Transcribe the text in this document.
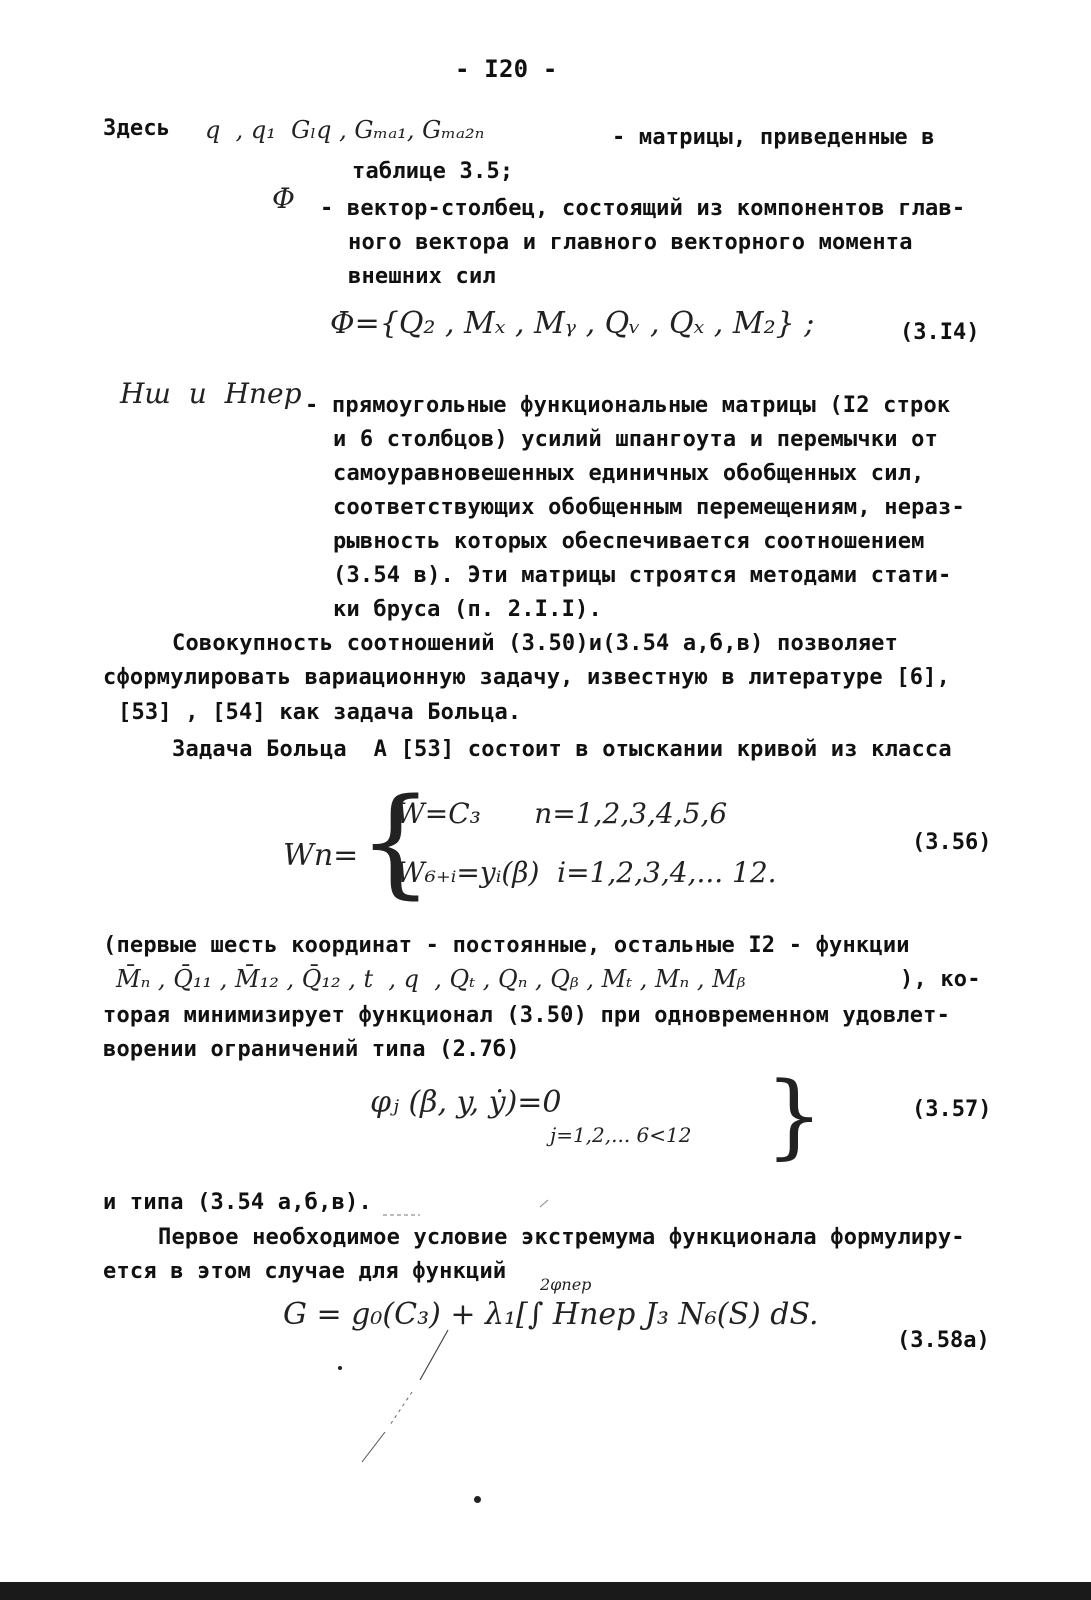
- I20 -
Здесь q  , q₁  Gₗq , Gₘₐ₁, Gₘₐ₂ₙ	- матрицы, приведенные в
таблице 3.5;
Φ - вектор-столбец, состоящий из компонентов глав-
ного вектора и главного векторного момента
внешних сил
Φ={Q₂ , Mₓ , Mᵧ , Qᵥ , Qₓ , M₂} ;	(3.I4)
Hш  и  Hпер - прямоугольные функциональные матрицы (I2 строк
и 6 столбцов) усилий шпангоута и перемычки от
самоуравновешенных единичных обобщенных сил,
соответствующих обобщенным перемещениям, нераз-
рывность которых обеспечивается соотношением
(3.54 в). Эти матрицы строятся методами стати-
ки бруса (п. 2.I.I).
Совокупность соотношений (3.50)и(3.54 а,б,в) позволяет
сформулировать вариационную задачу, известную в литературе [6],
[53] , [54] как задача Больца.
Задача Больца  А [53] состоит в отыскании кривой из класса
Wn= {
W=C₃      n=1,2,3,4,5,6
W₆₊ᵢ=yᵢ(β)  i=1,2,3,4,... 12.
(3.56)
(первые шесть координат - постоянные, остальные I2 - функции
M̄ₙ , Q̄₁₁ , M̄₁₂ , Q̄₁₂ , t  , q  , Qₜ , Qₙ , Qᵦ , Mₜ , Mₙ , Mᵦ	), ко-
торая минимизирует функционал (3.50) при одновременном удовлет-
ворении ограничений типа (2.7б)
φⱼ (β, y, ẏ)=0
j=1,2,... 6<12 }	(3.57)
и типа (3.54 а,б,в).
Первое необходимое условие экстремума функционала формулиру-
ется в этом случае для функций
2φпер
G = g₀(C₃) + λ₁[∫ Hпер J₃ N₆(S) dS.
(3.58а)
